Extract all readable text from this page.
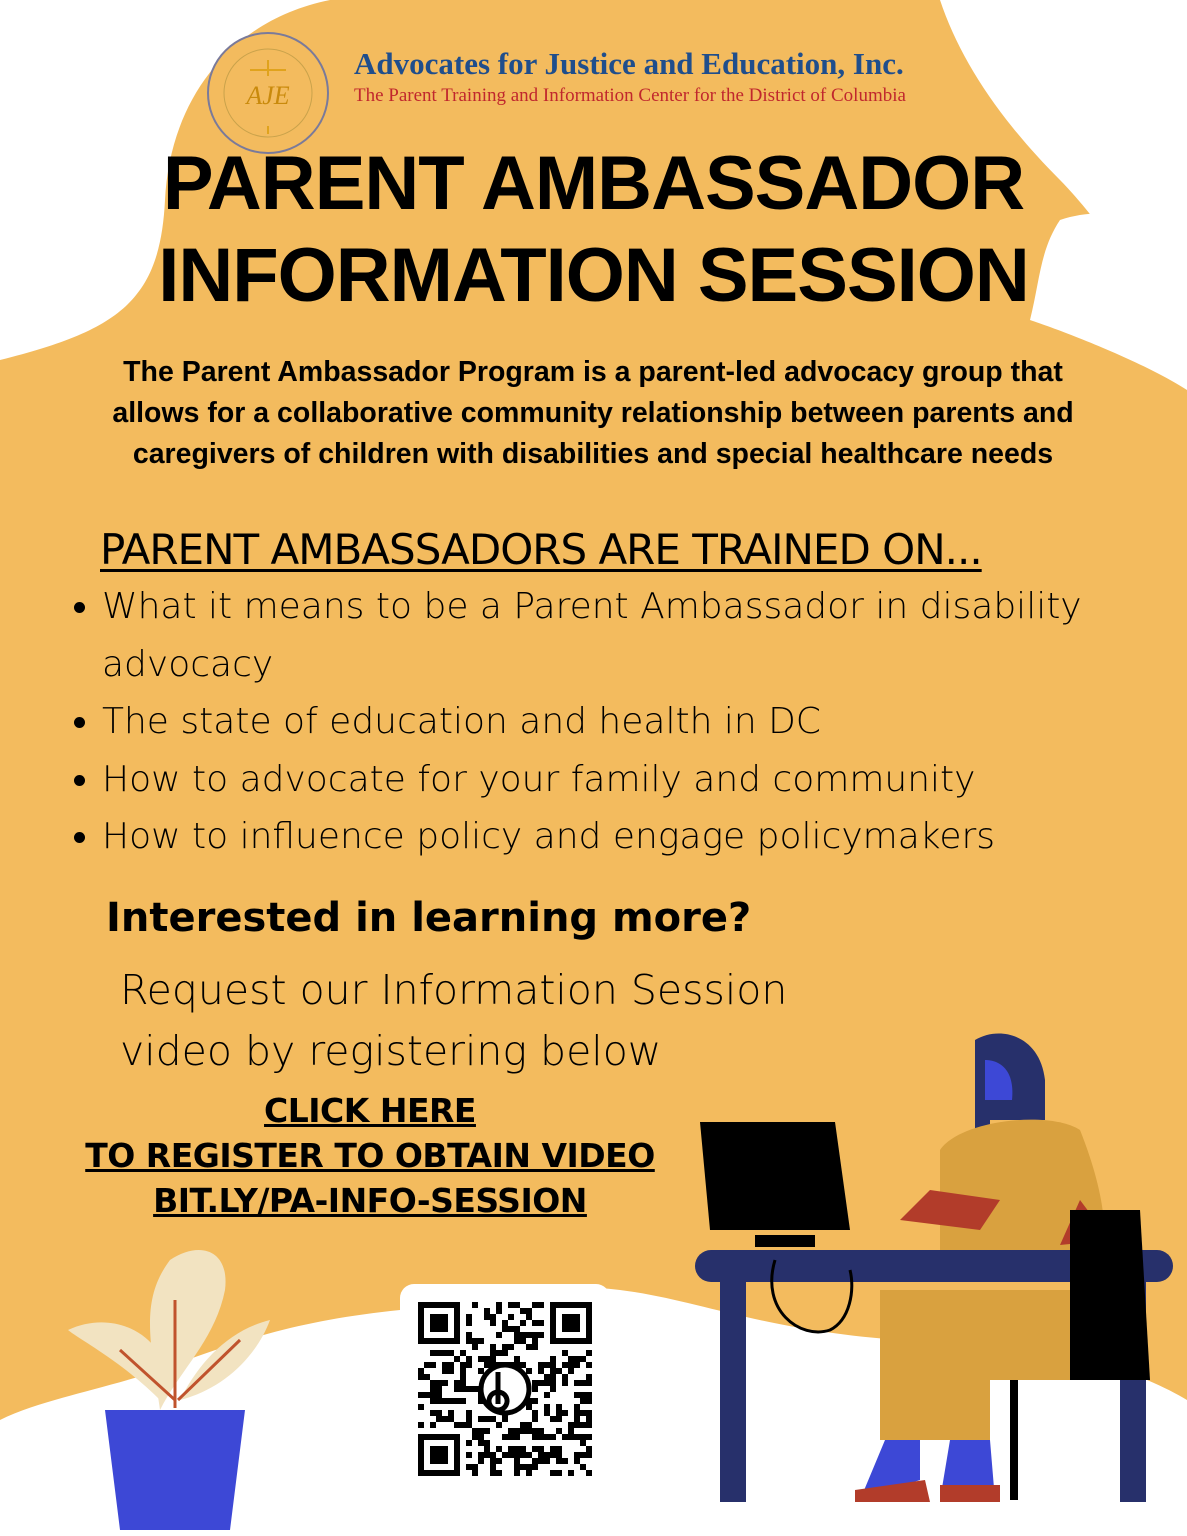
AJE
Advocates for Justice and Education, Inc.
The Parent Training and Information Center for the District of Columbia
PARENT AMBASSADOR
INFORMATION SESSION
The Parent Ambassador Program is a parent-led advocacy group that allows for a collaborative community relationship between parents and caregivers of children with disabilities and special healthcare needs
PARENT AMBASSADORS ARE TRAINED ON...
• What it means to be a Parent Ambassador in disability advocacy
• The state of education and health in DC
• How to advocate for your family and community
• How to influence policy and engage policymakers
Interested in learning more?
Request our Information Session
video by registering below
CLICK HERE
TO REGISTER TO OBTAIN VIDEO
BIT.LY/PA-INFO-SESSION
